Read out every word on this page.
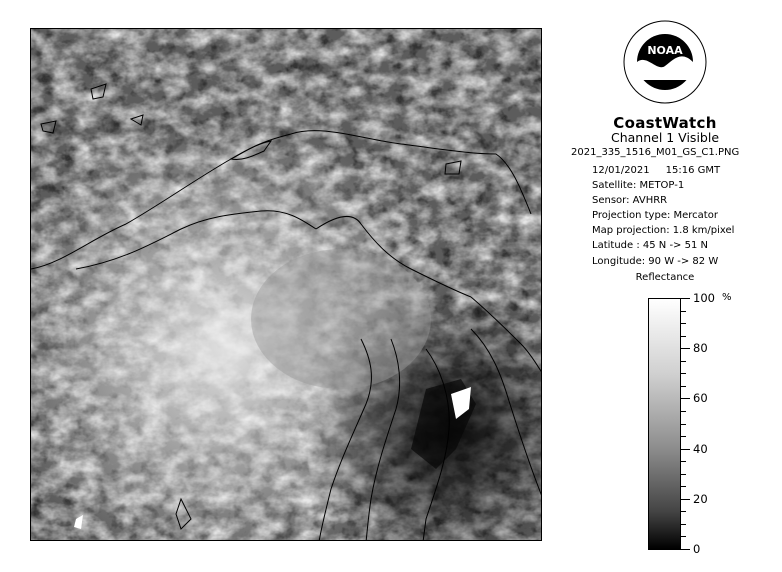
NOAA
CoastWatch
Channel 1 Visible
2021_335_1516_M01_GS_C1.PNG
12/01/2021 15:16 GMT
Satellite: METOP-1
Sensor: AVHRR
Projection type: Mercator
Map projection: 1.8 km/pixel
Latitude : 45 N -> 51 N
Longitude: 90 W -> 82 W
Reflectance
100
80
60
40
20
0
%
